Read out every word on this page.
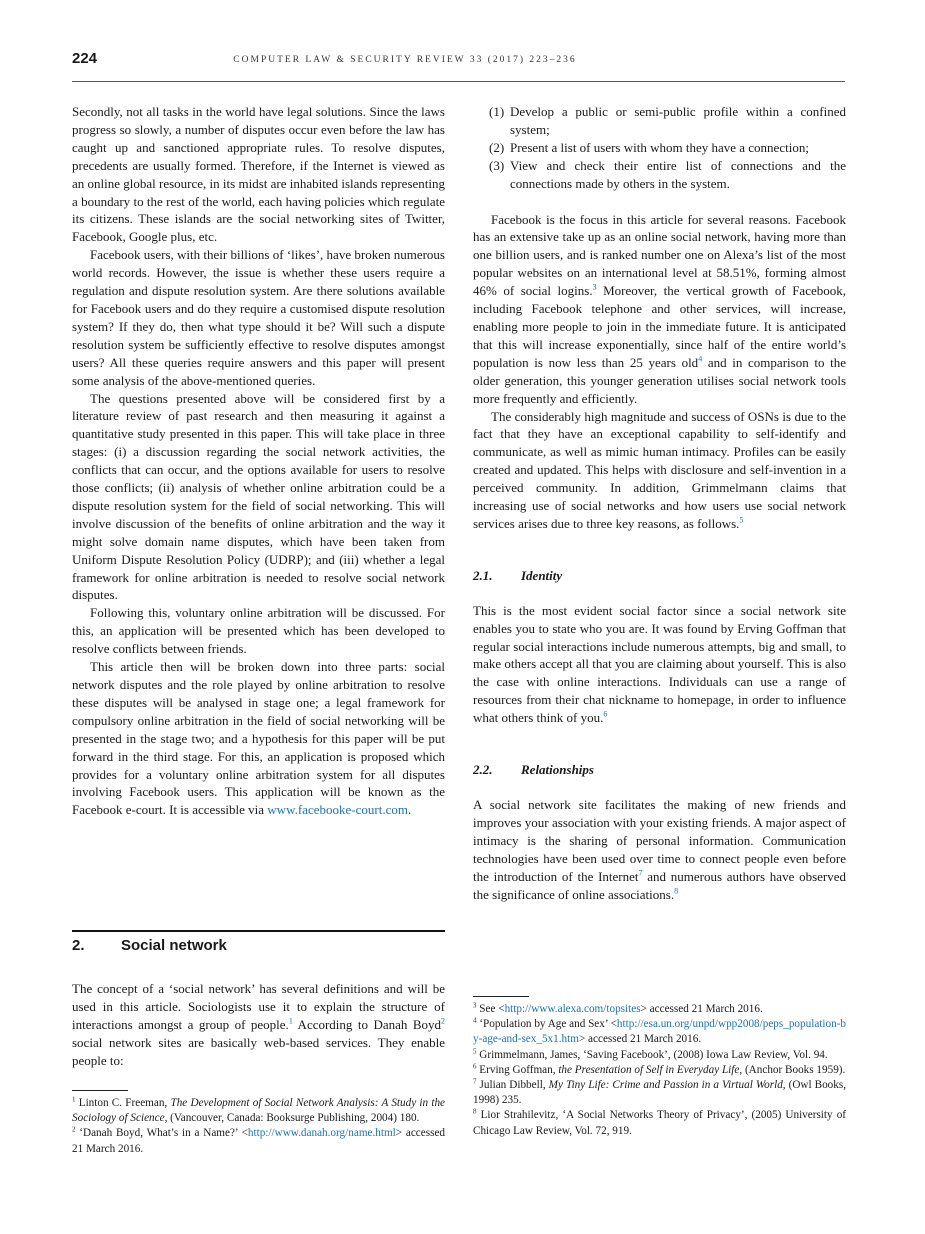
224	COMPUTER LAW & SECURITY REVIEW 33 (2017) 223–236

Secondly, not all tasks in the world have legal solutions. Since the laws progress so slowly, a number of disputes occur even before the law has caught up and sanctioned appropriate rules. To resolve disputes, precedents are usually formed. Therefore, if the Internet is viewed as an online global resource, in its midst are inhabited islands representing a boundary to the rest of the world, each having policies which regulate its citizens. These islands are the social networking sites of Twitter, Facebook, Google plus, etc.

Facebook users, with their billions of ‘likes’, have broken numerous world records. However, the issue is whether these users require a regulation and dispute resolution system. Are there solutions available for Facebook users and do they require a customised dispute resolution system? If they do, then what type should it be? Will such a dispute resolution system be sufficiently effective to resolve disputes amongst users? All these queries require answers and this paper will present some analysis of the above-mentioned queries.

The questions presented above will be considered first by a literature review of past research and then measuring it against a quantitative study presented in this paper. This will take place in three stages: (i) a discussion regarding the social network activities, the conflicts that can occur, and the options available for users to resolve those conflicts; (ii) analysis of whether online arbitration could be a dispute resolution system for the field of social networking. This will involve discussion of the benefits of online arbitration and the way it might solve domain name disputes, which have been taken from Uniform Dispute Resolution Policy (UDRP); and (iii) whether a legal framework for online arbitration is needed to resolve social network disputes.

Following this, voluntary online arbitration will be discussed. For this, an application will be presented which has been developed to resolve conflicts between friends.

This article then will be broken down into three parts: social network disputes and the role played by online arbitration to resolve these disputes will be analysed in stage one; a legal framework for compulsory online arbitration in the field of social networking will be presented in the stage two; and a hypothesis for this paper will be put forward in the third stage. For this, an application is proposed which provides for a voluntary online arbitration system for all disputes involving Facebook users. This application will be known as the Facebook e-court. It is accessible via www.facebooke-court.com.

2. Social network

The concept of a ‘social network’ has several definitions and will be used in this article. Sociologists use it to explain the structure of interactions amongst a group of people.$^1$ According to Danah Boyd$^2$ social network sites are basically web-based services. They enable people to:

$^1$ Linton C. Freeman, The Development of Social Network Analysis: A Study in the Sociology of Science, (Vancouver, Canada: Booksurge Publishing, 2004) 180.
$^2$ ‘Danah Boyd, What’s in a Name?’ <http://www.danah.org/name.html> accessed 21 March 2016.
(1) Develop a public or semi-public profile within a confined system;
(2) Present a list of users with whom they have a connection;
(3) View and check their entire list of connections and the connections made by others in the system.

Facebook is the focus in this article for several reasons. Facebook has an extensive take up as an online social network, having more than one billion users, and is ranked number one on Alexa’s list of the most popular websites on an international level at 58.51%, forming almost 46% of social logins.$^3$ Moreover, the vertical growth of Facebook, including Facebook telephone and other services, will increase, enabling more people to join in the immediate future. It is anticipated that this will increase exponentially, since half of the entire world’s population is now less than 25 years old$^4$ and in comparison to the older generation, this younger generation utilises social network tools more frequently and efficiently.

The considerably high magnitude and success of OSNs is due to the fact that they have an exceptional capability to self-identify and communicate, as well as mimic human intimacy. Profiles can be easily created and updated. This helps with disclosure and self-invention in a perceived community. In addition, Grimmelmann claims that increasing use of social networks and how users use social network services arises due to three key reasons, as follows.$^5$

2.1. Identity

This is the most evident social factor since a social network site enables you to state who you are. It was found by Erving Goffman that regular social interactions include numerous attempts, big and small, to make others accept all that you are claiming about yourself. This is also the case with online interactions. Individuals can use a range of resources from their chat nickname to homepage, in order to influence what others think of you.$^6$

2.2. Relationships

A social network site facilitates the making of new friends and improves your association with your existing friends. A major aspect of intimacy is the sharing of personal information. Communication technologies have been used over time to connect people even before the introduction of the Internet$^7$ and numerous authors have observed the significance of online associations.$^8$

$^3$ See <http://www.alexa.com/topsites> accessed 21 March 2016.
$^4$ ‘Population by Age and Sex’ <http://esa.un.org/unpd/wpp2008/peps_population-by-age-and-sex_5x1.htm> accessed 21 March 2016.
$^5$ Grimmelmann, James, ‘Saving Facebook’, (2008) Iowa Law Review, Vol. 94.
$^6$ Erving Goffman, the Presentation of Self in Everyday Life, (Anchor Books 1959).
$^7$ Julian Dibbell, My Tiny Life: Crime and Passion in a Virtual World, (Owl Books, 1998) 235.
$^8$ Lior Strahilevitz, ‘A Social Networks Theory of Privacy’, (2005) University of Chicago Law Review, Vol. 72, 919.
